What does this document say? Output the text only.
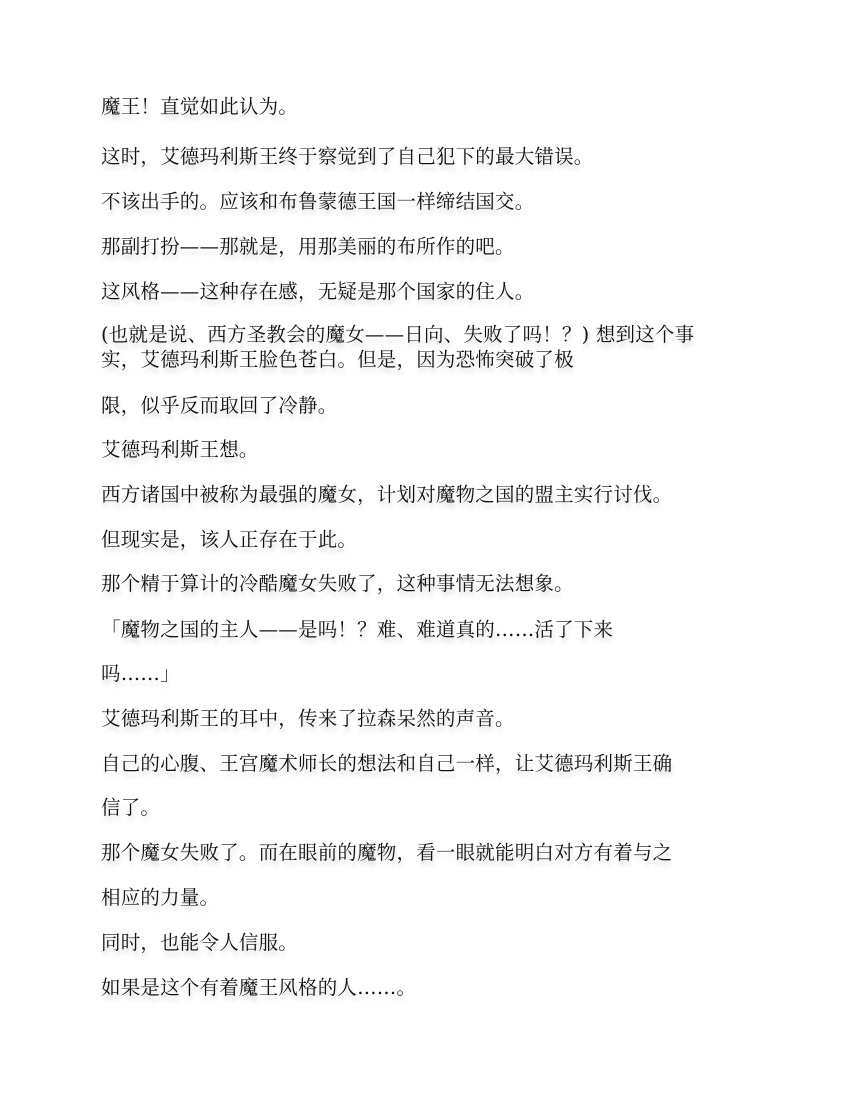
魔王！直觉如此认为。

这时，艾德玛利斯王终于察觉到了自己犯下的最大错误。

不该出手的。应该和布鲁蒙德王国一样缔结国交。

那副打扮——那就是，用那美丽的布所作的吧。

这风格——这种存在感，无疑是那个国家的住人。

(也就是说、西方圣教会的魔女——日向、失败了吗！？) 想到这个事

实，艾德玛利斯王脸色苍白。但是，因为恐怖突破了极

限，似乎反而取回了冷静。

艾德玛利斯王想。

西方诸国中被称为最强的魔女，计划对魔物之国的盟主实行讨伐。

但现实是，该人正存在于此。

那个精于算计的冷酷魔女失败了，这种事情无法想象。

「魔物之国的主人——是吗！？难、难道真的……活了下来

吗……」

艾德玛利斯王的耳中，传来了拉森呆然的声音。

自己的心腹、王宫魔术师长的想法和自己一样，让艾德玛利斯王确

信了。

那个魔女失败了。而在眼前的魔物，看一眼就能明白对方有着与之

相应的力量。

同时，也能令人信服。

如果是这个有着魔王风格的人……。
